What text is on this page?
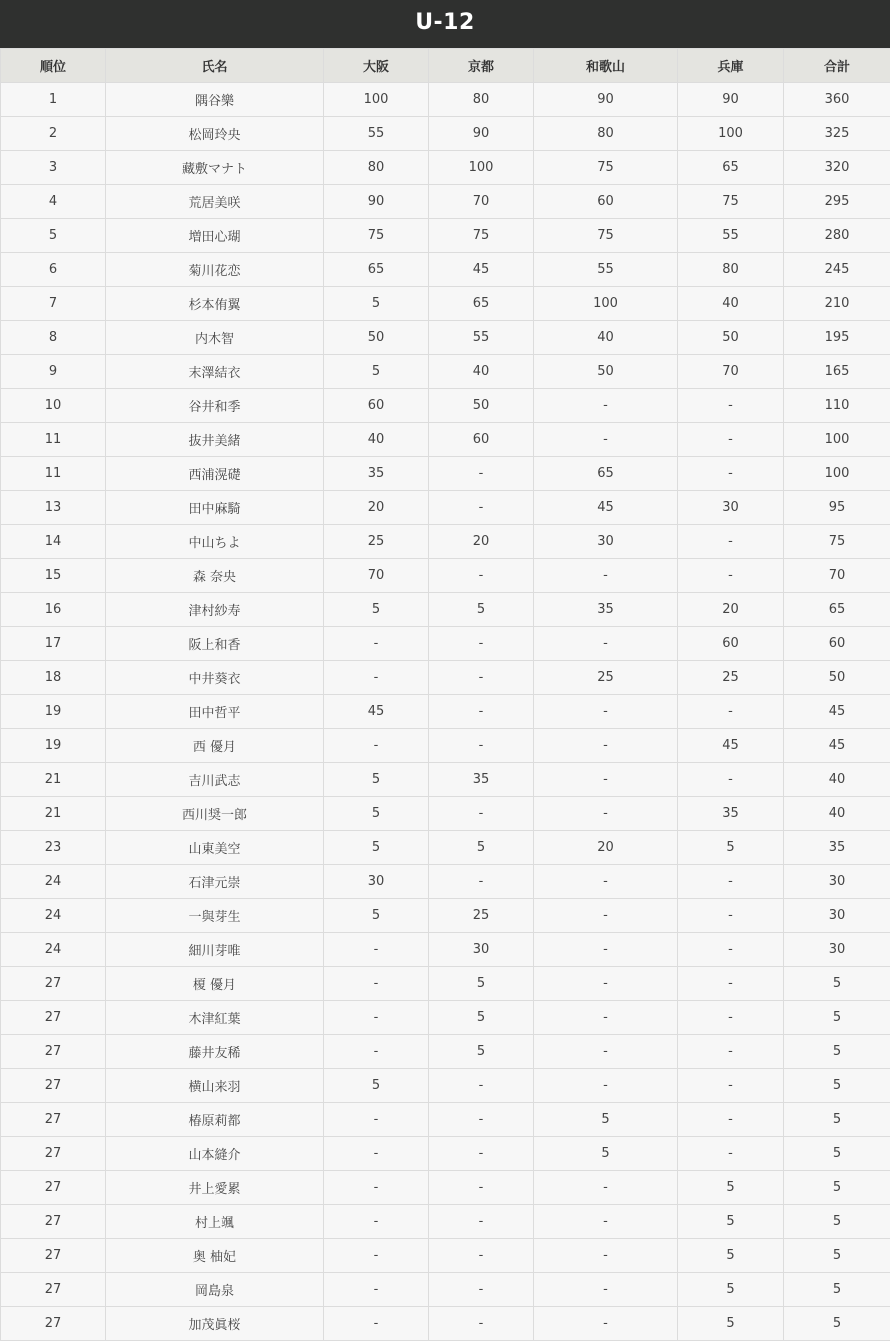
U-12
順位	氏名	大阪	京都	和歌山	兵庫	合計
1	隅谷樂	100	80	90	90	360
2	松岡玲央	55	90	80	100	325
3	藏敷マナト	80	100	75	65	320
4	荒居美咲	90	70	60	75	295
5	増田心瑚	75	75	75	55	280
6	菊川花恋	65	45	55	80	245
7	杉本侑翼	5	65	100	40	210
8	内木智	50	55	40	50	195
9	末澤結衣	5	40	50	70	165
10	谷井和季	60	50	-	-	110
11	抜井美緒	40	60	-	-	100
11	西浦滉礎	35	-	65	-	100
13	田中麻騎	20	-	45	30	95
14	中山ちよ	25	20	30	-	75
15	森 奈央	70	-	-	-	70
16	津村紗寿	5	5	35	20	65
17	阪上和香	-	-	-	60	60
18	中井葵衣	-	-	25	25	50
19	田中哲平	45	-	-	-	45
19	西 優月	-	-	-	45	45
21	吉川武志	5	35	-	-	40
21	西川奨一郎	5	-	-	35	40
23	山東美空	5	5	20	5	35
24	石津元崇	30	-	-	-	30
24	一與芽生	5	25	-	-	30
24	細川芽唯	-	30	-	-	30
27	榎 優月	-	5	-	-	5
27	木津紅葉	-	5	-	-	5
27	藤井友稀	-	5	-	-	5
27	横山来羽	5	-	-	-	5
27	椿原莉都	-	-	5	-	5
27	山本縫介	-	-	5	-	5
27	井上愛累	-	-	-	5	5
27	村上颯	-	-	-	5	5
27	奥 柚妃	-	-	-	5	5
27	岡島泉	-	-	-	5	5
27	加茂眞桜	-	-	-	5	5
